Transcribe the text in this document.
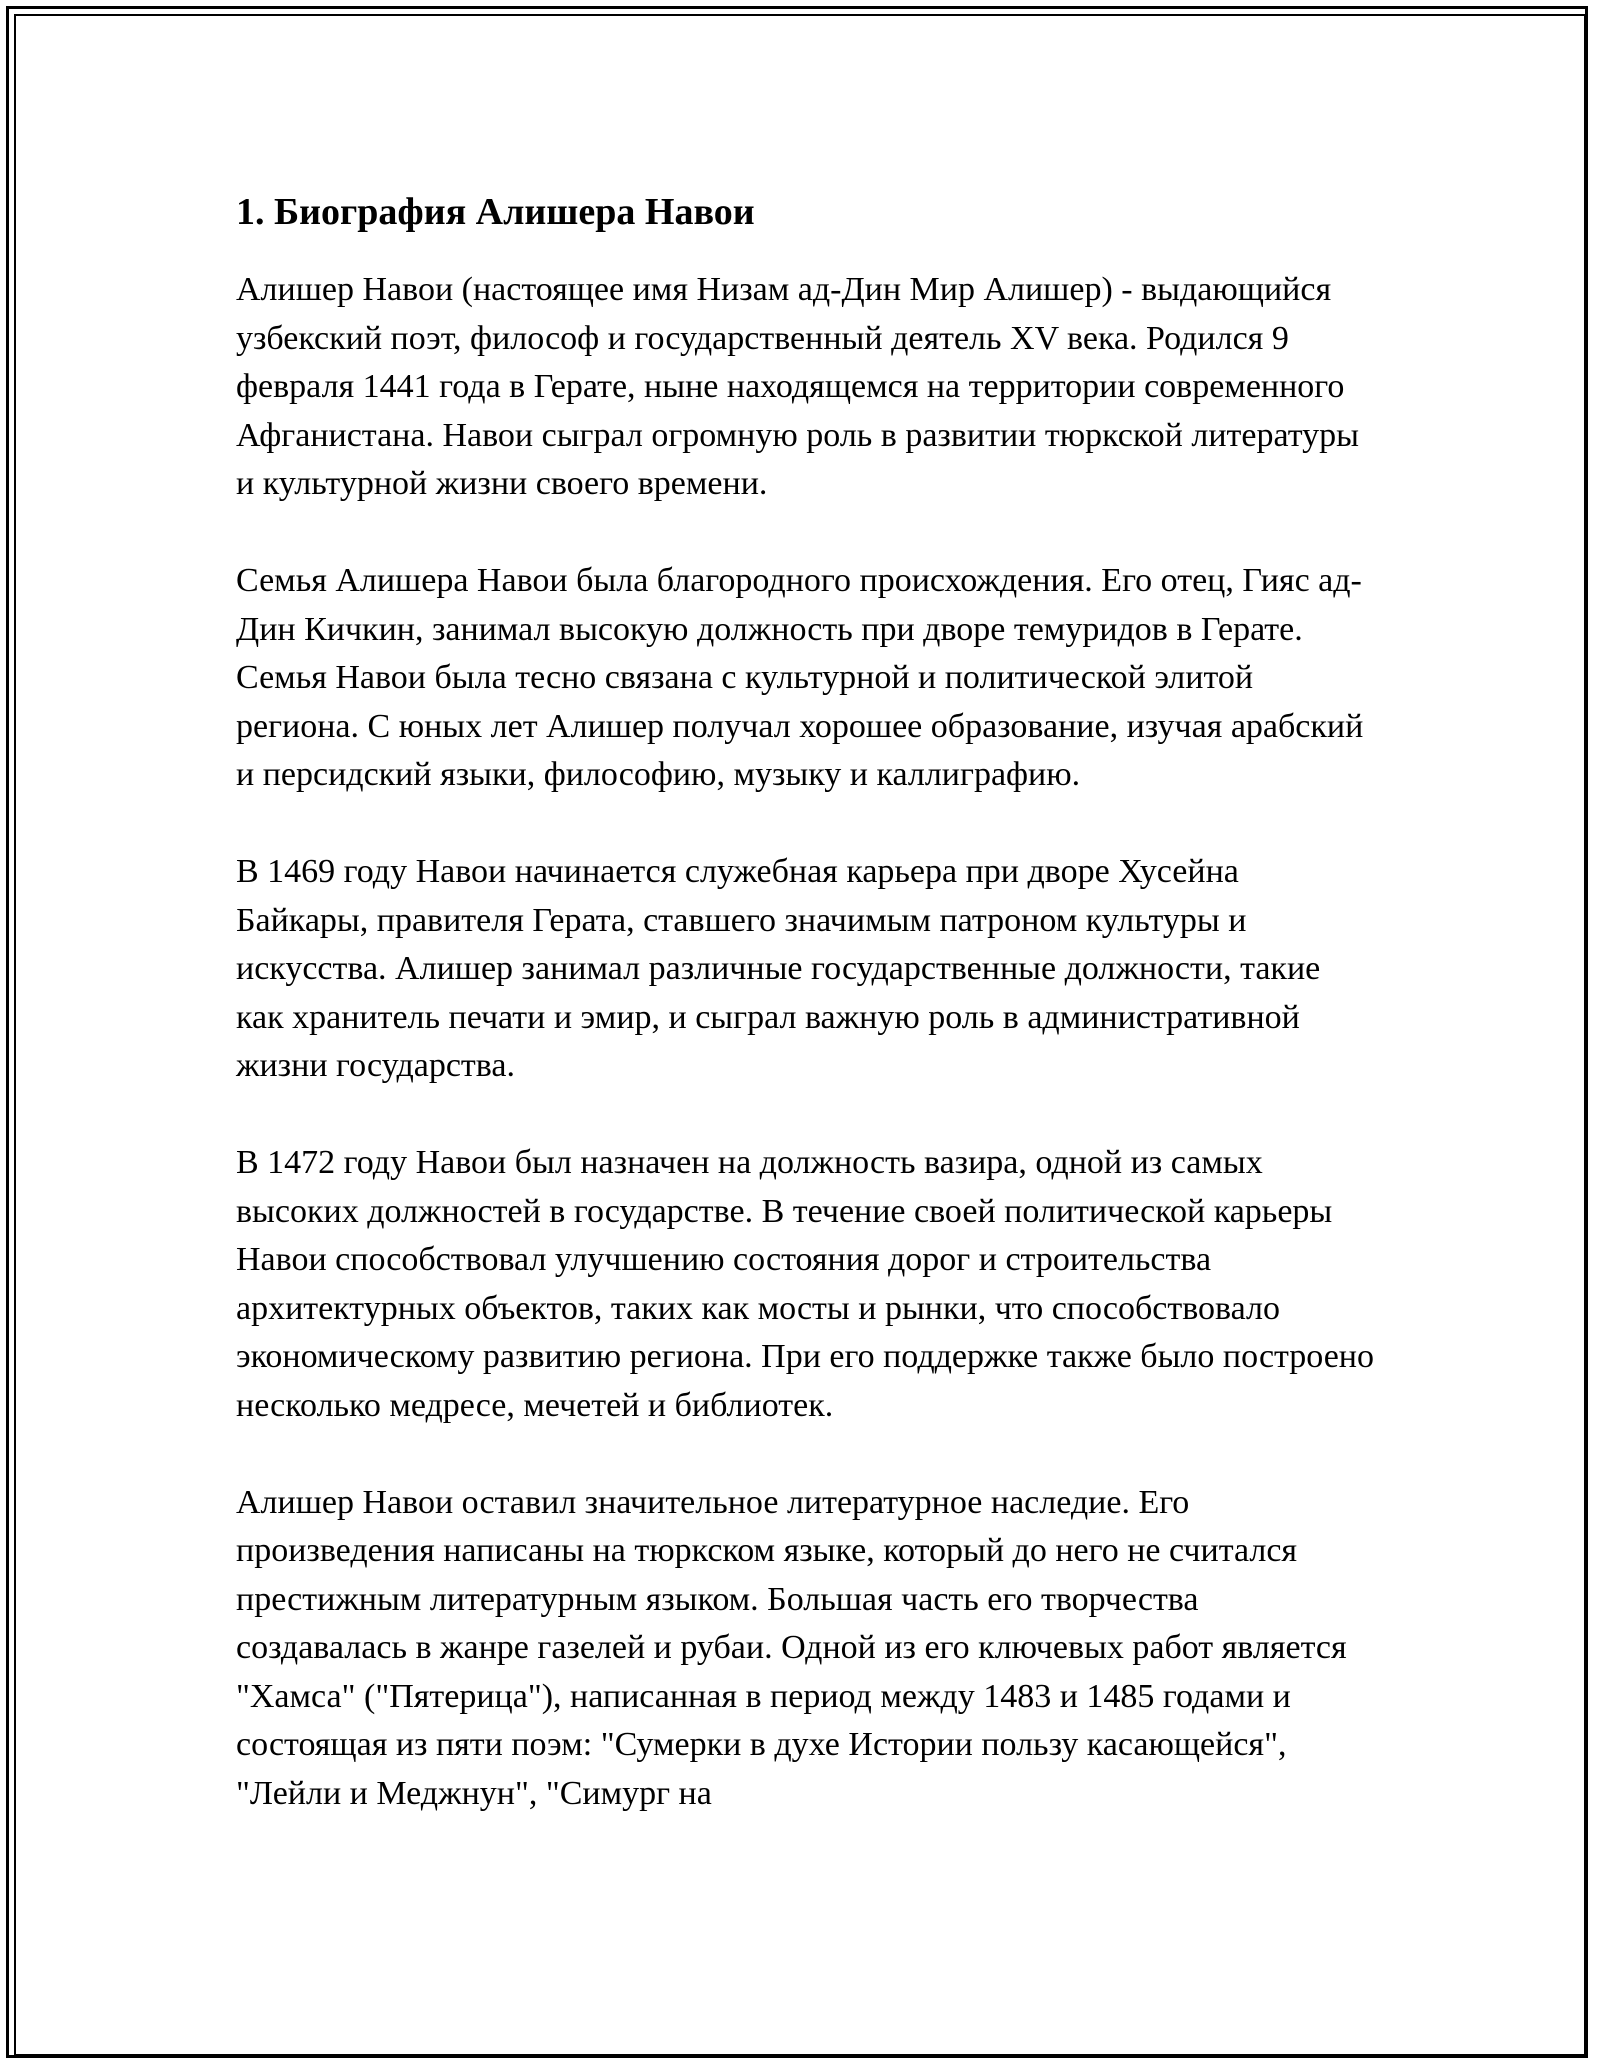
1. Биография Алишера Навои

Алишер Навои (настоящее имя Низам ад-Дин Мир Алишер) - выдающийся узбекский поэт, философ и государственный деятель XV века. Родился 9 февраля 1441 года в Герате, ныне находящемся на территории современного Афганистана. Навои сыграл огромную роль в развитии тюркской литературы и культурной жизни своего времени.

Семья Алишера Навои была благородного происхождения. Его отец, Гияс ад-Дин Кичкин, занимал высокую должность при дворе темуридов в Герате. Семья Навои была тесно связана с культурной и политической элитой региона. С юных лет Алишер получал хорошее образование, изучая арабский и персидский языки, философию, музыку и каллиграфию.

В 1469 году Навои начинается служебная карьера при дворе Хусейна Байкары, правителя Герата, ставшего значимым патроном культуры и искусства. Алишер занимал различные государственные должности, такие как хранитель печати и эмир, и сыграл важную роль в административной жизни государства.

В 1472 году Навои был назначен на должность вазира, одной из самых высоких должностей в государстве. В течение своей политической карьеры Навои способствовал улучшению состояния дорог и строительства архитектурных объектов, таких как мосты и рынки, что способствовало экономическому развитию региона. При его поддержке также было построено несколько медресе, мечетей и библиотек.

Алишер Навои оставил значительное литературное наследие. Его произведения написаны на тюркском языке, который до него не считался престижным литературным языком. Большая часть его творчества создавалась в жанре газелей и рубаи. Одной из его ключевых работ является "Хамса" ("Пятерица"), написанная в период между 1483 и 1485 годами и состоящая из пяти поэм: "Сумерки в духе Истории пользу касающейся", "Лейли и Меджнун", "Симург на
